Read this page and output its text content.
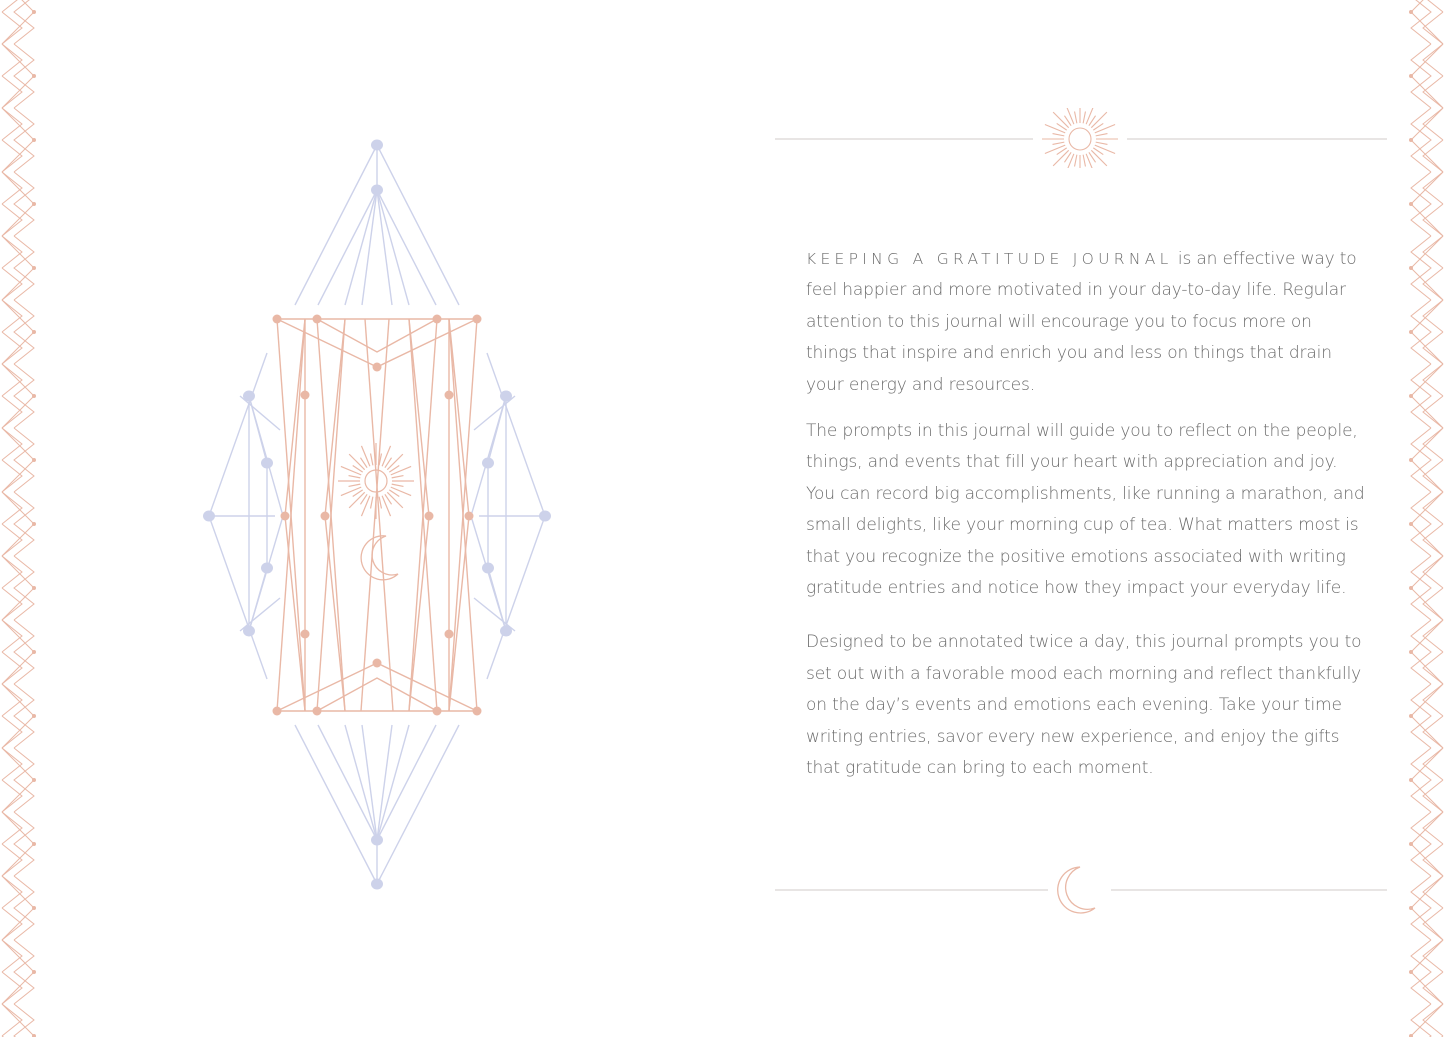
KEEPING A GRATITUDE JOURNAL is an effective way to feel happier and more motivated in your day-to-day life. Regular attention to this journal will encourage you to focus more on things that inspire and enrich you and less on things that drain your energy and resources.

The prompts in this journal will guide you to reflect on the people, things, and events that fill your heart with appreciation and joy. You can record big accomplishments, like running a marathon, and small delights, like your morning cup of tea. What matters most is that you recognize the positive emotions associated with writing gratitude entries and notice how they impact your everyday life.

Designed to be annotated twice a day, this journal prompts you to set out with a favorable mood each morning and reflect thankfully on the day’s events and emotions each evening. Take your time writing entries, savor every new experience, and enjoy the gifts that gratitude can bring to each moment.
